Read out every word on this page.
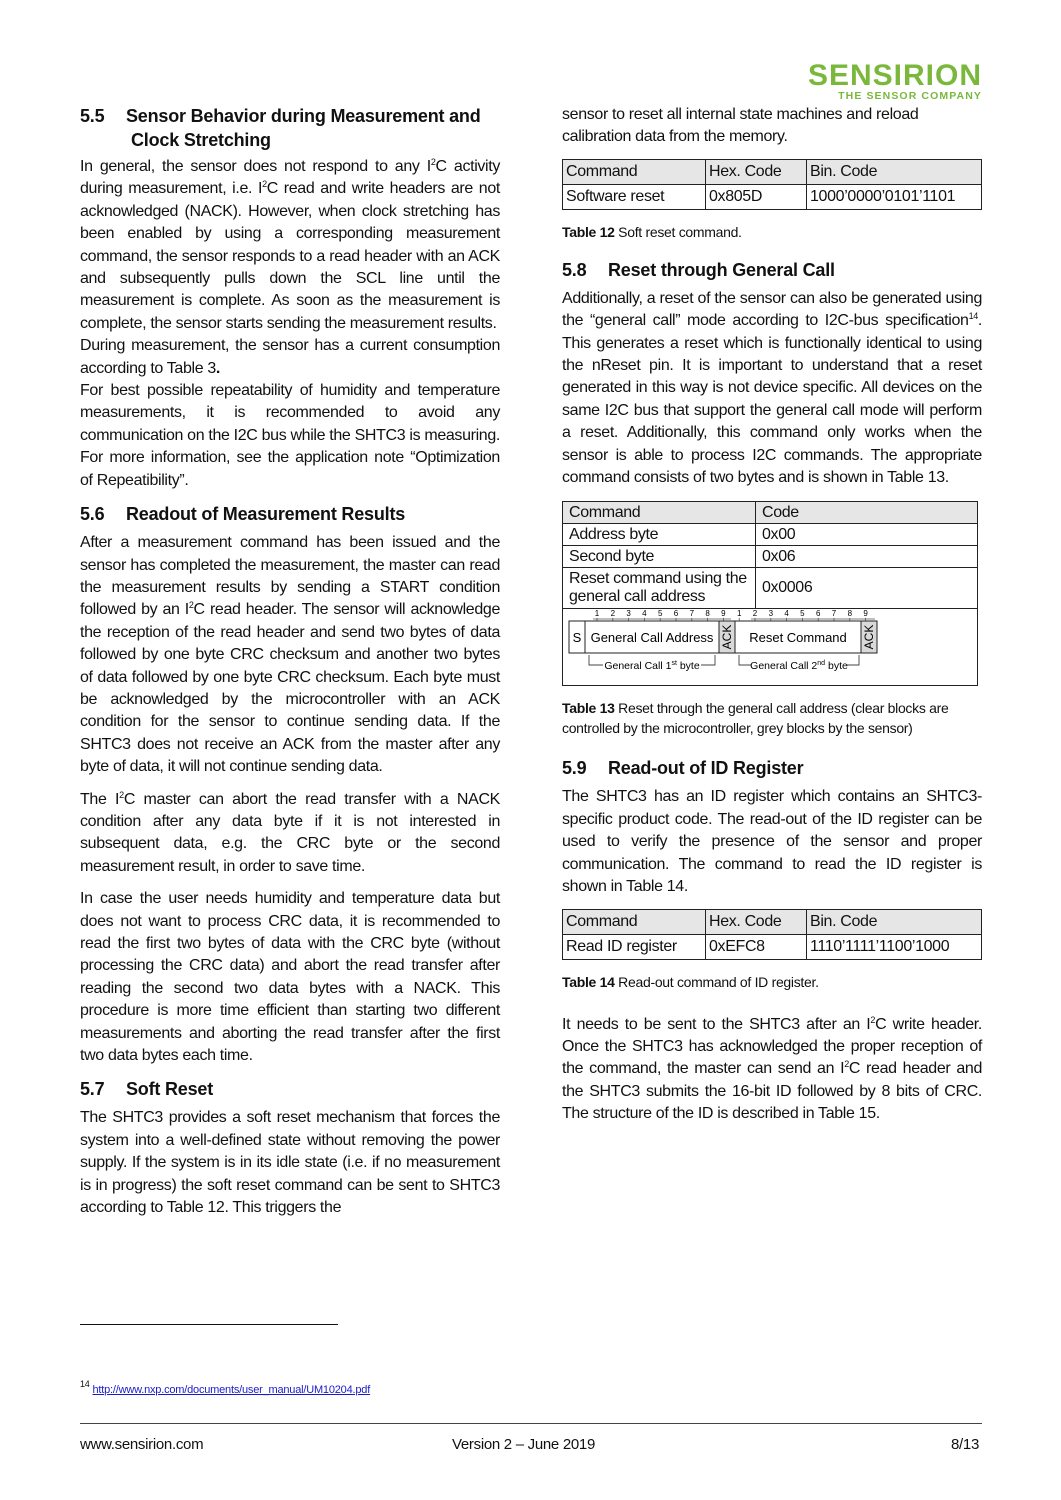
SENSIRION
THE SENSOR COMPANY
5.5 Sensor Behavior during Measurement and
Clock Stretching

In general, the sensor does not respond to any $I^2C$ activity during measurement, i.e. $I^2C$ read and write headers are not acknowledged (NACK). However, when clock stretching has been enabled by using a corresponding measurement command, the sensor responds to a read header with an ACK and subsequently pulls down the SCL line until the measurement is complete. As soon as the measurement is complete, the sensor starts sending the measurement results.

During measurement, the sensor has a current consumption according to Table 3.

For best possible repeatability of humidity and temperature measurements, it is recommended to avoid any communication on the I2C bus while the SHTC3 is measuring. For more information, see the application note “Optimization of Repeatibility”.

5.6 Readout of Measurement Results

After a measurement command has been issued and the sensor has completed the measurement, the master can read the measurement results by sending a START condition followed by an $I^2C$ read header. The sensor will acknowledge the reception of the read header and send two bytes of data followed by one byte CRC checksum and another two bytes of data followed by one byte CRC checksum. Each byte must be acknowledged by the microcontroller with an ACK condition for the sensor to continue sending data. If the SHTC3 does not receive an ACK from the master after any byte of data, it will not continue sending data.

The $I^2C$ master can abort the read transfer with a NACK condition after any data byte if it is not interested in subsequent data, e.g. the CRC byte or the second measurement result, in order to save time.

In case the user needs humidity and temperature data but does not want to process CRC data, it is recommended to read the first two bytes of data with the CRC byte (without processing the CRC data) and abort the read transfer after reading the second two data bytes with a NACK. This procedure is more time efficient than starting two different measurements and aborting the read transfer after the first two data bytes each time.

5.7 Soft Reset

The SHTC3 provides a soft reset mechanism that forces the system into a well-defined state without removing the power supply. If the system is in its idle state (i.e. if no measurement is in progress) the soft reset command can be sent to SHTC3 according to Table 12. This triggers the

sensor to reset all internal state machines and reload calibration data from the memory.

Command	Hex. Code	Bin. Code
Software reset	0x805D	1000’0000’0101’1101
Table 12 Soft reset command.
5.8 Reset through General Call

Additionally, a reset of the sensor can also be generated using the “general call” mode according to I2C-bus specification$^{14}$. This generates a reset which is functionally identical to using the nReset pin. It is important to understand that a reset generated in this way is not device specific. All devices on the same I2C bus that support the general call mode will perform a reset. Additionally, this command only works when the sensor is able to process I2C commands. The appropriate command consists of two bytes and is shown in Table 13.

Command	Code
Address byte	0x00
Second byte	0x06
Reset command using the general call address	0x0006
1 2 3 4 5 6 7 8 9 1 2 3 4 5 6 7 8 9
S General Call Address ACK Reset Command ACK
General Call 1st byte	General Call 2nd byte
Table 13 Reset through the general call address (clear blocks are controlled by the microcontroller, grey blocks by the sensor)
5.9 Read-out of ID Register

The SHTC3 has an ID register which contains an SHTC3-specific product code. The read-out of the ID register can be used to verify the presence of the sensor and proper communication. The command to read the ID register is shown in Table 14.

Command	Hex. Code	Bin. Code
Read ID register	0xEFC8	1110’1111’1100’1000
Table 14 Read-out command of ID register.

It needs to be sent to the SHTC3 after an $I^2C$ write header. Once the SHTC3 has acknowledged the proper reception of the command, the master can send an $I^2C$ read header and the SHTC3 submits the 16-bit ID followed by 8 bits of CRC. The structure of the ID is described in Table 15.

$^{14}$ http://www.nxp.com/documents/user_manual/UM10204.pdf
www.sensirion.com	Version 2 – June 2019	8/13
